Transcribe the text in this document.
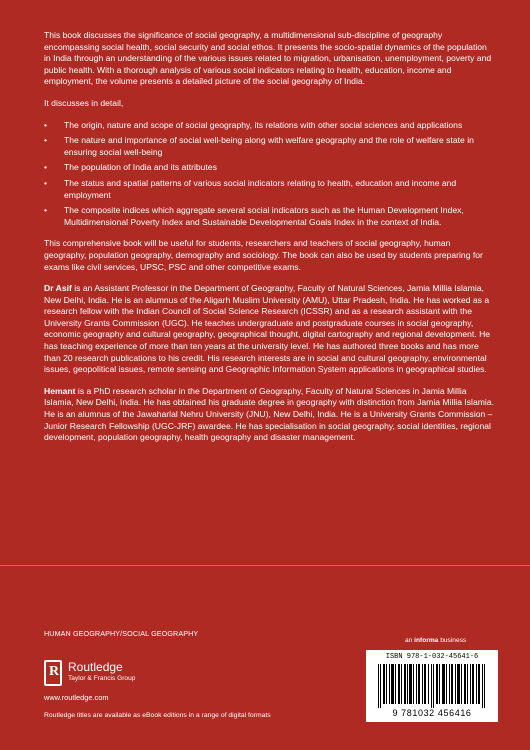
This book discusses the significance of social geography, a multidimensional sub-discipline of geography encompassing social health, social security and social ethos. It presents the socio-spatial dynamics of the population in India through an understanding of the various issues related to migration, urbanisation, unemployment, poverty and public health. With a thorough analysis of various social indicators relating to health, education, income and employment, the volume presents a detailed picture of the social geography of India.

It discusses in detail,

• The origin, nature and scope of social geography, its relations with other social sciences and applications
• The nature and importance of social well-being along with welfare geography and the role of welfare state in ensuring social well-being
• The population of India and its attributes
• The status and spatial patterns of various social indicators relating to health, education and income and employment
• The composite indices which aggregate several social indicators such as the Human Development Index, Multidimensional Poverty Index and Sustainable Developmental Goals Index in the context of India.

This comprehensive book will be useful for students, researchers and teachers of social geography, human geography, population geography, demography and sociology. The book can also be used by students preparing for exams like civil services, UPSC, PSC and other competitive exams.

Dr Asif is an Assistant Professor in the Department of Geography, Faculty of Natural Sciences, Jamia Millia Islamia, New Delhi, India. He is an alumnus of the Aligarh Muslim University (AMU), Uttar Pradesh, India. He has worked as a research fellow with the Indian Council of Social Science Research (ICSSR) and as a research assistant with the University Grants Commission (UGC). He teaches undergraduate and postgraduate courses in social geography, economic geography and cultural geography, geographical thought, digital cartography and regional development. He has teaching experience of more than ten years at the university level. He has authored three books and has more than 20 research publications to his credit. His research interests are in social and cultural geography, environmental issues, geopolitical issues, remote sensing and Geographic Information System applications in geographical studies.

Hemant is a PhD research scholar in the Department of Geography, Faculty of Natural Sciences in Jamia Millia Islamia, New Delhi, India. He has obtained his graduate degree in geography with distinction from Jamia Millia Islamia. He is an alumnus of the Jawaharlal Nehru University (JNU), New Delhi, India. He is a University Grants Commission – Junior Research Fellowship (UGC-JRF) awardee. He has specialisation in social geography, social identities, regional development, population geography, health geography and disaster management.

HUMAN GEOGRAPHY/SOCIAL GEOGRAPHY
an informa business
R Routledge
Taylor & Francis Group
www.routledge.com
Routledge titles are available as eBook editions in a range of digital formats
ISBN 978-1-032-45641-6
9 781032 456416
